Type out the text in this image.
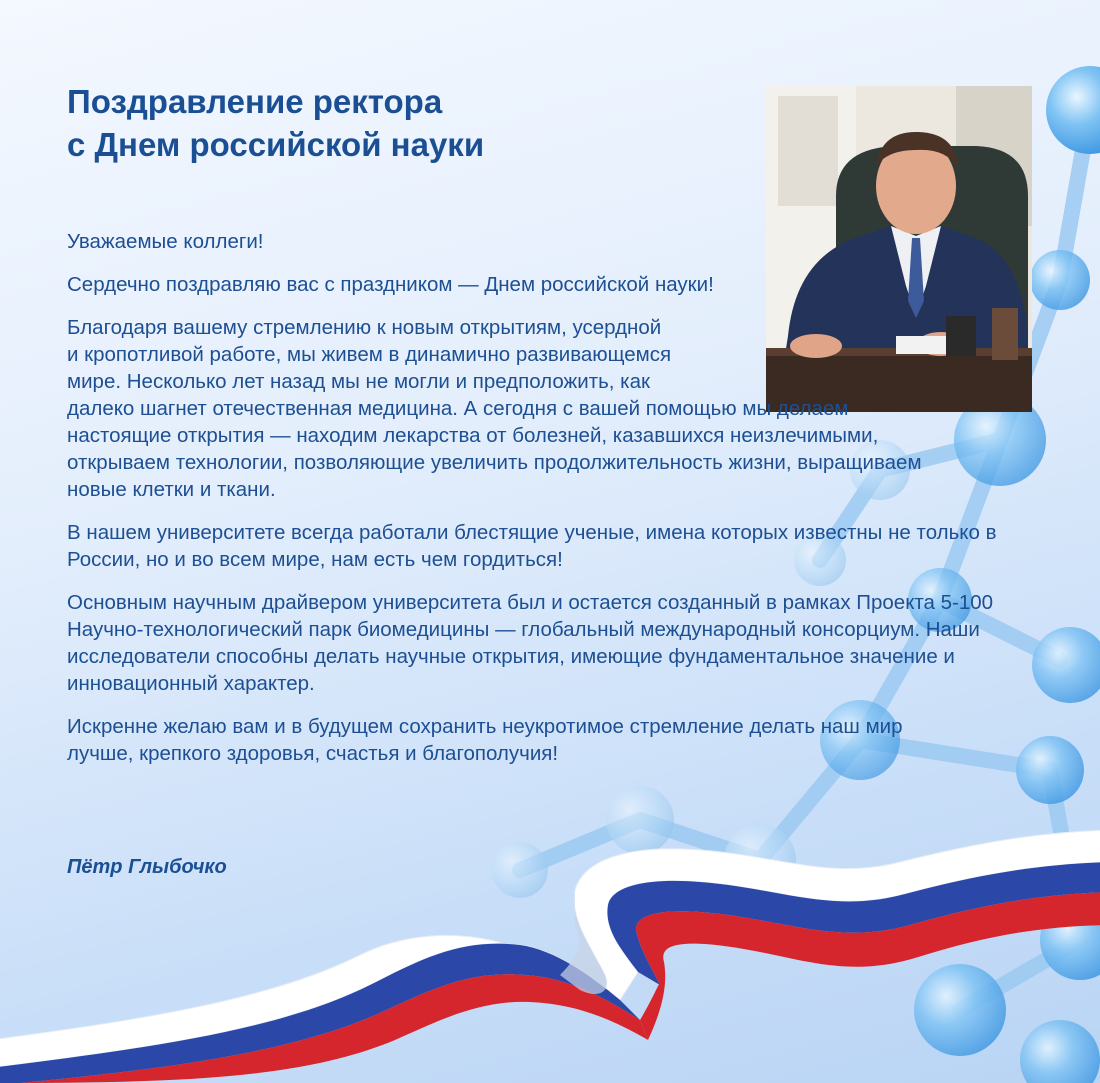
Поздравление ректора
с Днем российской науки

Уважаемые коллеги!

Сердечно поздравляю вас с праздником — Днем российской науки!

Благодаря вашему стремлению к новым открытиям, усердной
и кропотливой работе, мы живем в динамично развивающемся
мире. Несколько лет назад мы не могли и предположить, как
далеко шагнет отечественная медицина. А сегодня с вашей помощью мы делаем
настоящие открытия — находим лекарства от болезней, казавшихся неизлечимыми,
открываем технологии, позволяющие увеличить продолжительность жизни, выращиваем
новые клетки и ткани.

В нашем университете всегда работали блестящие ученые, имена которых известны не только в России, но и во всем мире, нам есть чем гордиться!

Основным научным драйвером университета был и остается созданный в рамках Проекта 5-100 Научно-технологический парк биомедицины — глобальный международный консорциум. Наши исследователи способны делать научные открытия, имеющие фундаментальное значение и инновационный характер.

Искренне желаю вам и в будущем сохранить неукротимое стремление делать наш мир лучше, крепкого здоровья, счастья и благополучия!

Пётр Глыбочко
